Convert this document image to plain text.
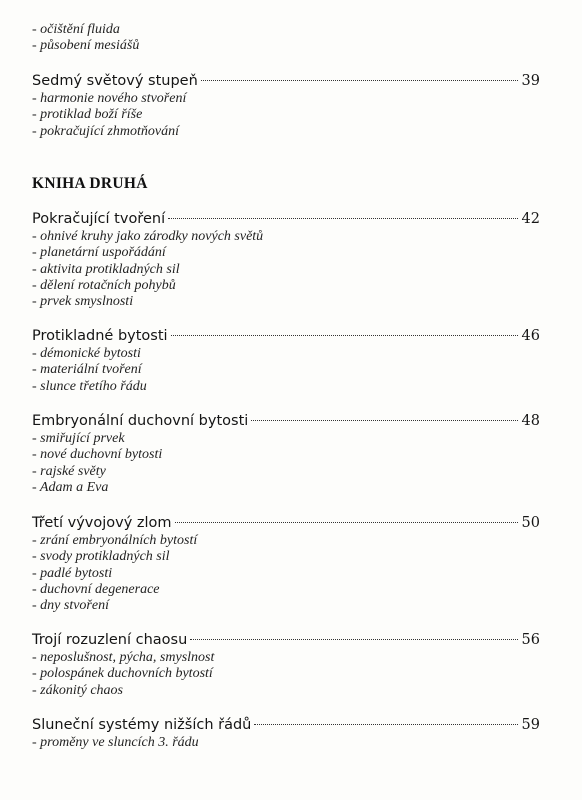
- očištění fluida
- působení mesiášů
Sedmý světový stupeň	39
- harmonie nového stvoření
- protiklad boží říše
- pokračující zhmotňování
KNIHA DRUHÁ
Pokračující tvoření	42
- ohnivé kruhy jako zárodky nových světů
- planetární uspořádání
- aktivita protikladných sil
- dělení rotačních pohybů
- prvek smyslnosti
Protikladné bytosti	46
- démonické bytosti
- materiální tvoření
- slunce třetího řádu
Embryonální duchovní bytosti	48
- smiřující prvek
- nové duchovní bytosti
- rajské světy
- Adam a Eva
Třetí vývojový zlom	50
- zrání embryonálních bytostí
- svody protikladných sil
- padlé bytosti
- duchovní degenerace
- dny stvoření
Trojí rozuzlení chaosu	56
- neposlušnost, pýcha, smyslnost
- polospánek duchovních bytostí
- zákonitý chaos
Sluneční systémy nižších řádů	59
- proměny ve sluncích 3. řádu
